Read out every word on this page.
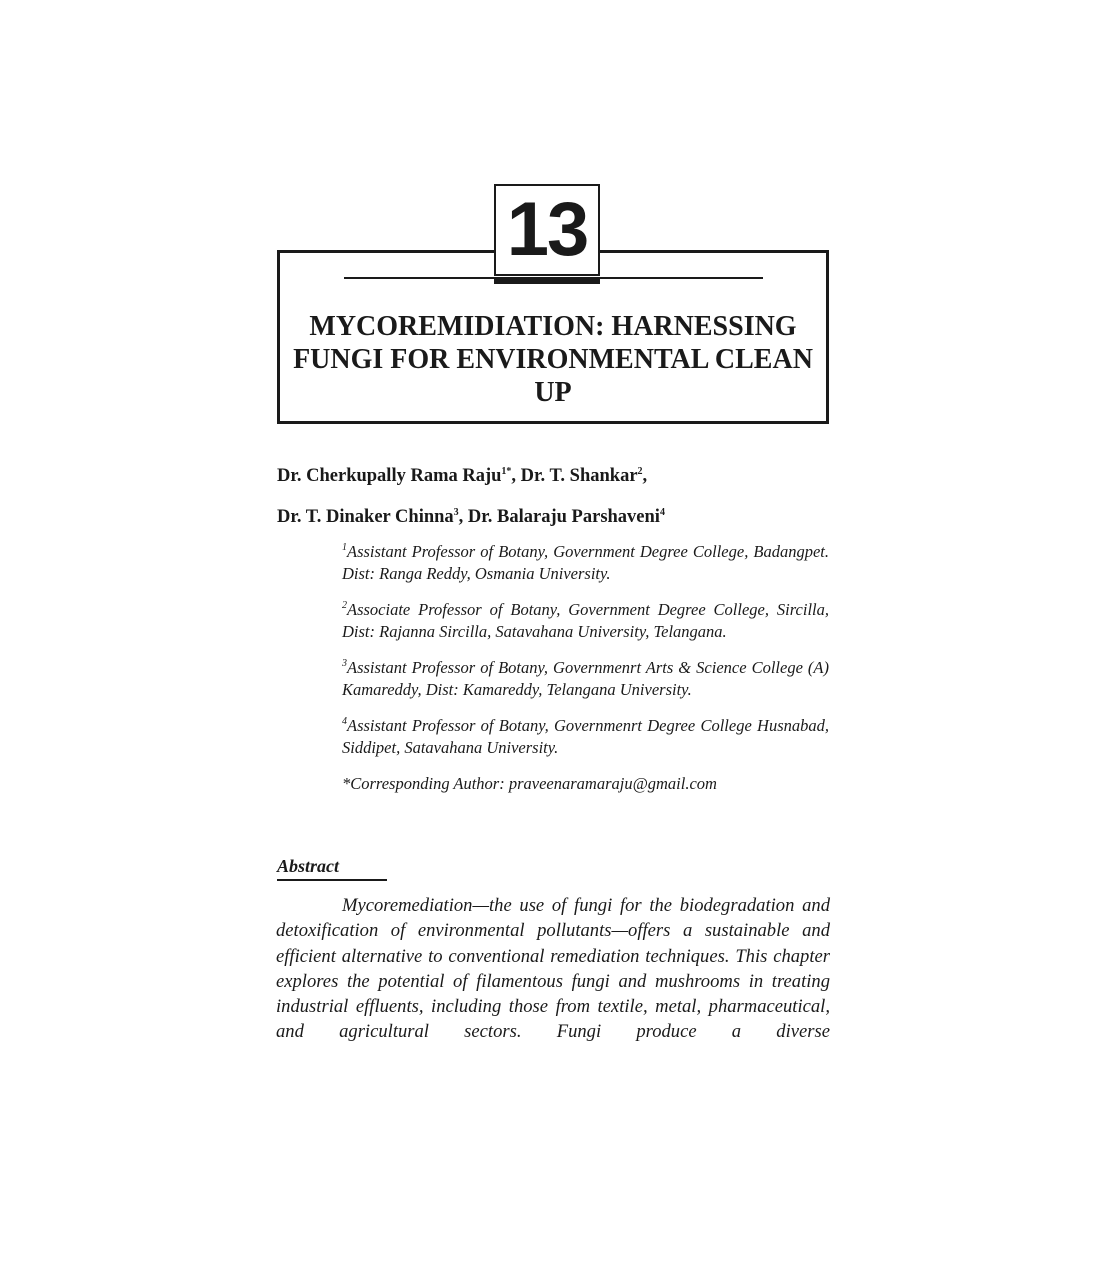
13
MYCOREMIDIATION: HARNESSING FUNGI FOR ENVIRONMENTAL CLEAN UP

Dr. Cherkupally Rama Raju$^{1*}$, Dr. T. Shankar$^2$,

Dr. T. Dinaker Chinna$^3$, Dr. Balaraju Parshaveni$^4$

$^1$Assistant Professor of Botany, Government Degree College, Badangpet. Dist: Ranga Reddy, Osmania University.

$^2$Associate Professor of Botany, Government Degree College, Sircilla, Dist: Rajanna Sircilla, Satavahana University, Telangana.

$^3$Assistant Professor of Botany, Governmenrt Arts & Science College (A) Kamareddy, Dist: Kamareddy, Telangana University.

$^4$Assistant Professor of Botany, Governmenrt Degree College Husnabad, Siddipet, Satavahana University.

*Corresponding Author: praveenaramaraju@gmail.com

Abstract

Mycoremediation—the use of fungi for the biodegradation and detoxification of environmental pollutants—offers a sustainable and efficient alternative to conventional remediation techniques. This chapter explores the potential of filamentous fungi and mushrooms in treating industrial effluents, including those from textile, metal, pharmaceutical, and agricultural sectors. Fungi produce a diverse
